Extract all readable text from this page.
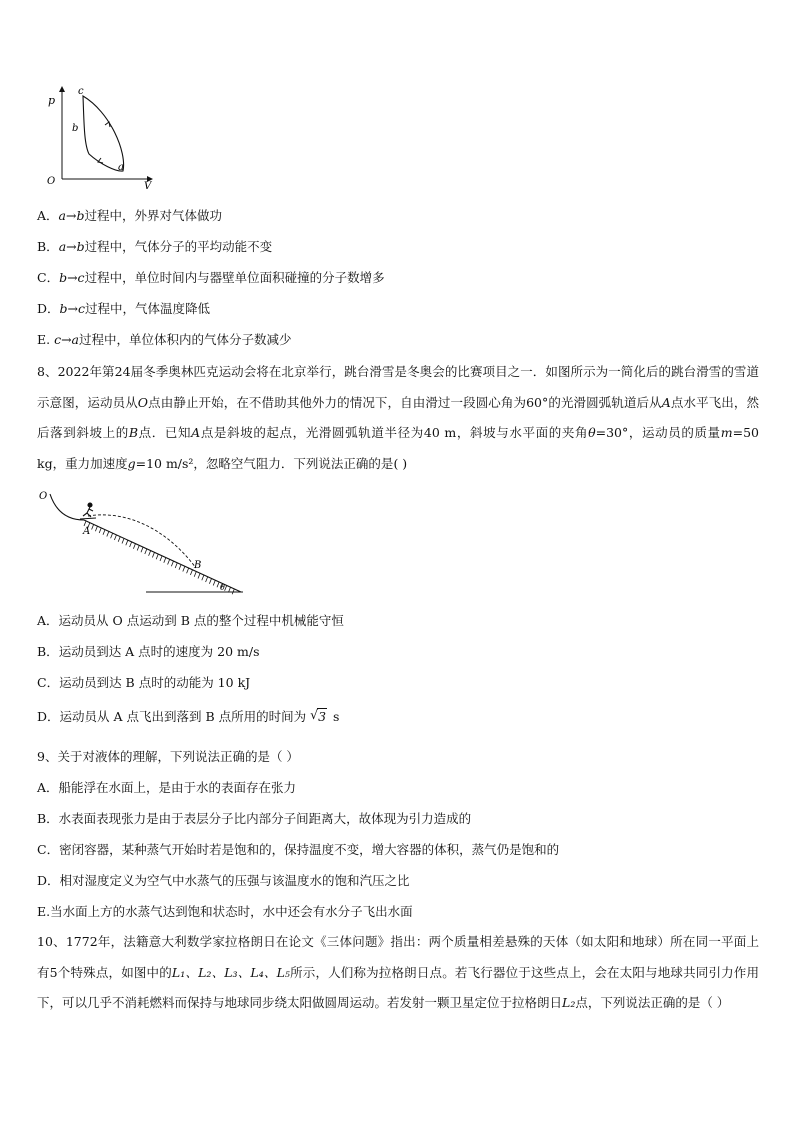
p
V
O
c
b
a
A．a→b过程中，外界对气体做功
B．a→b过程中，气体分子的平均动能不变
C．b→c过程中，单位时间内与器壁单位面积碰撞的分子数增多
D．b→c过程中，气体温度降低
E. c→a过程中，单位体积内的气体分子数减少
8、2022年第24届冬季奥林匹克运动会将在北京举行，跳台滑雪是冬奥会的比赛项目之一．如图所示为一简化后的跳台滑雪的雪道示意图，运动员从O点由静止开始，在不借助其他外力的情况下，自由滑过一段圆心角为60°的光滑圆弧轨道后从A点水平飞出，然后落到斜坡上的B点．已知A点是斜坡的起点，光滑圆弧轨道半径为40 m，斜坡与水平面的夹角θ=30°，运动员的质量m=50 kg，重力加速度g=10 m/s²，忽略空气阻力．下列说法正确的是( )
O
A
B
θ
A．运动员从 O 点运动到 B 点的整个过程中机械能守恒
B．运动员到达 A 点时的速度为 20 m/s
C．运动员到达 B 点时的动能为 10 kJ
D．运动员从 A 点飞出到落到 B 点所用的时间为 √ 3 s
9、关于对液体的理解，下列说法正确的是（ ）
A．船能浮在水面上，是由于水的表面存在张力
B．水表面表现张力是由于表层分子比内部分子间距离大，故体现为引力造成的
C．密闭容器，某种蒸气开始时若是饱和的，保持温度不变，增大容器的体积，蒸气仍是饱和的
D．相对湿度定义为空气中水蒸气的压强与该温度水的饱和汽压之比
E.当水面上方的水蒸气达到饱和状态时，水中还会有水分子飞出水面
10、1772年，法籍意大利数学家拉格朗日在论文《三体问题》指出：两个质量相差悬殊的天体（如太阳和地球）所在同一平面上有5个特殊点，如图中的L₁、L₂、L₃、L₄、L₅所示，人们称为拉格朗日点。若飞行器位于这些点上，会在太阳与地球共同引力作用下，可以几乎不消耗燃料而保持与地球同步绕太阳做圆周运动。若发射一颗卫星定位于拉格朗日L₂点，下列说法正确的是（ ）
